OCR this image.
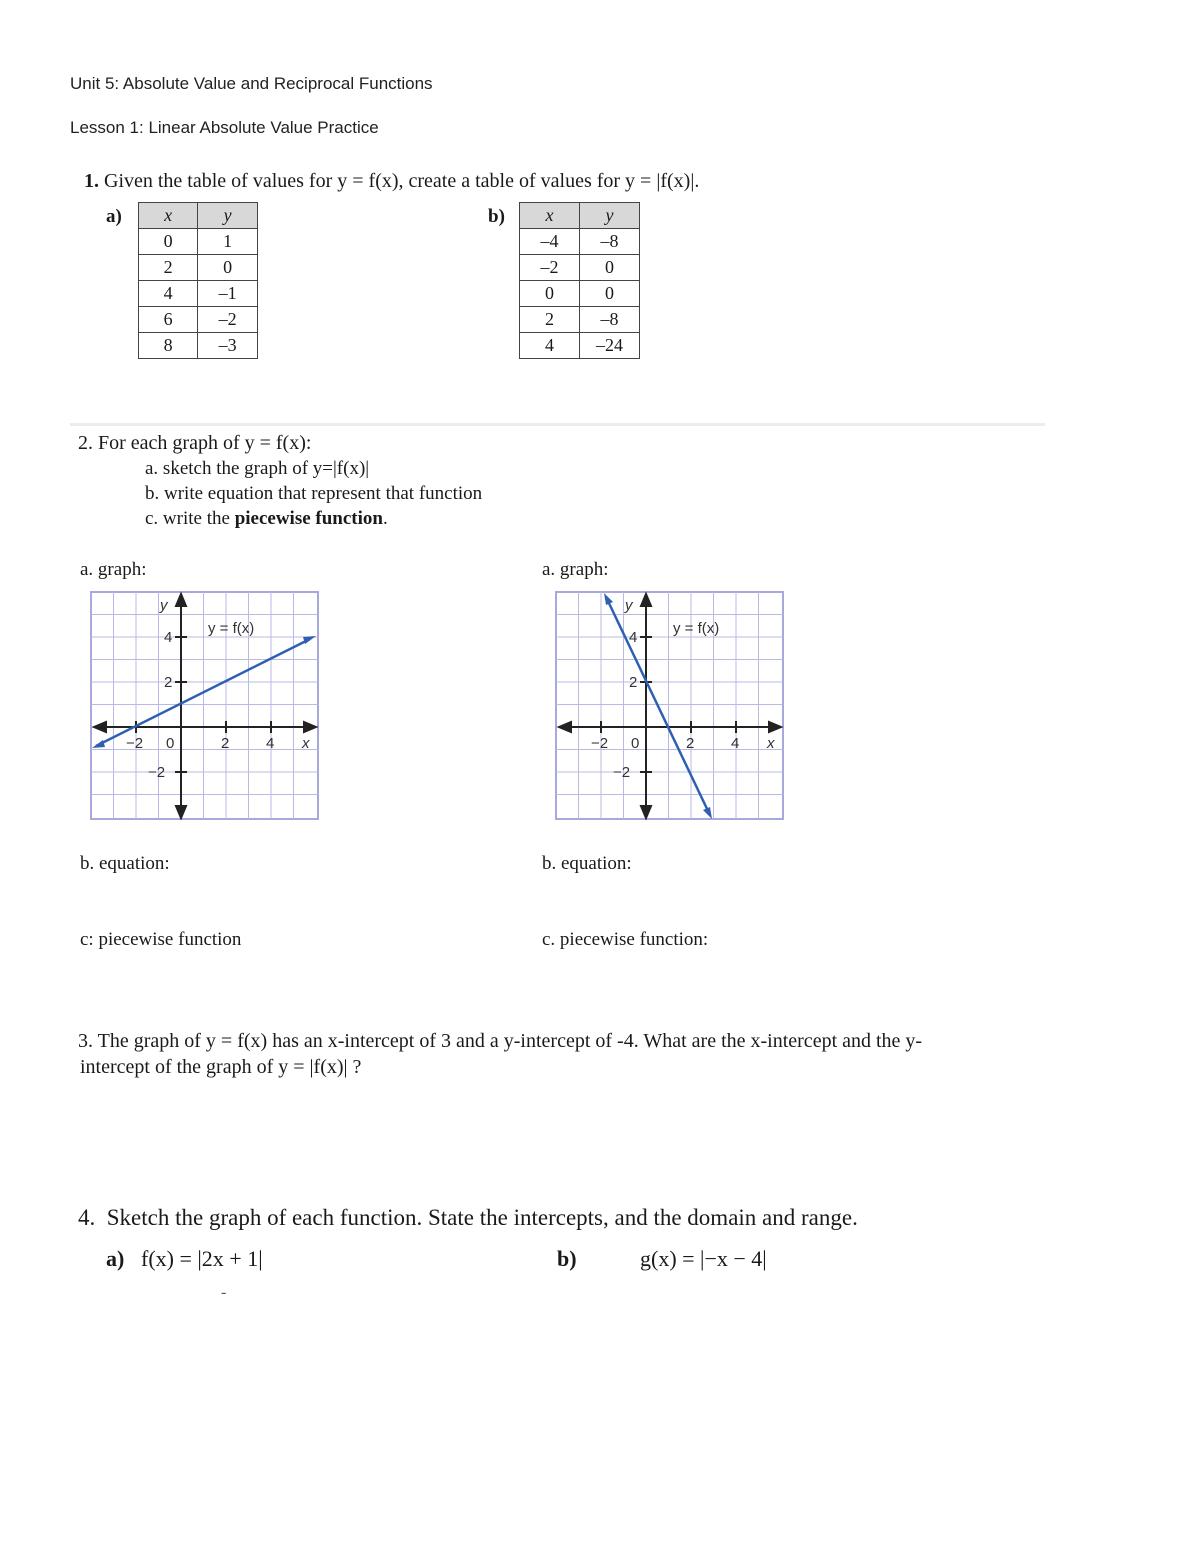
Unit 5: Absolute Value and Reciprocal Functions
Lesson 1: Linear Absolute Value Practice
1. Given the table of values for y = f(x), create a table of values for y = |f(x)|.
a) x	y
0	1
2	0
4	–1
6	–2
8	–3
b) x	y
–4	–8
–2	0
0	0
2	–8
4	–24
2. For each graph of y = f(x):
a. sketch the graph of y=|f(x)|
b. write equation that represent that function
c. write the piecewise function.
a. graph:	a. graph:
y
x
4
2
−2
−2 0	2 4
y = f(x)
y
x
4
2
−2
−2 0	2 4
y = f(x)
b. equation:	b. equation:
c: piecewise function	c. piecewise function:
3. The graph of y = f(x) has an x-intercept of 3 and a y-intercept of -4. What are the x-intercept and the y-
intercept of the graph of y = |f(x)| ?
4. Sketch the graph of each function. State the intercepts, and the domain and range.
a) f(x) = |2x + 1|	b)	g(x) = |−x − 4|
-
